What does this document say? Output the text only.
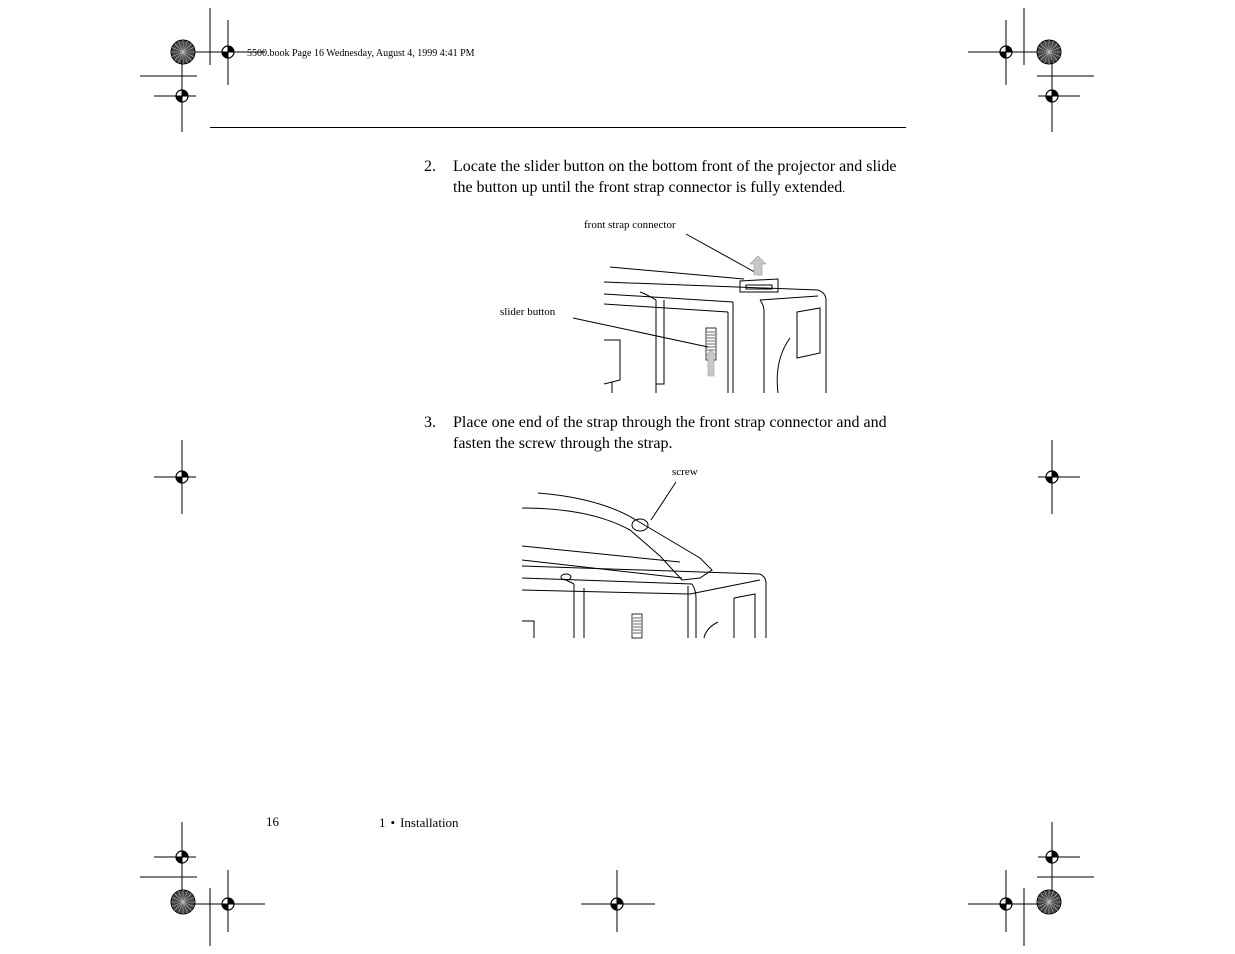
5500.book Page 16 Wednesday, August 4, 1999 4:41 PM
2. Locate the slider button on the bottom front of the projector and slide the button up until the front strap connector is fully extended.
front strap connector
slider button
3. Place one end of the strap through the front strap connector and and fasten the screw through the strap.
screw
16	1 • Installation
